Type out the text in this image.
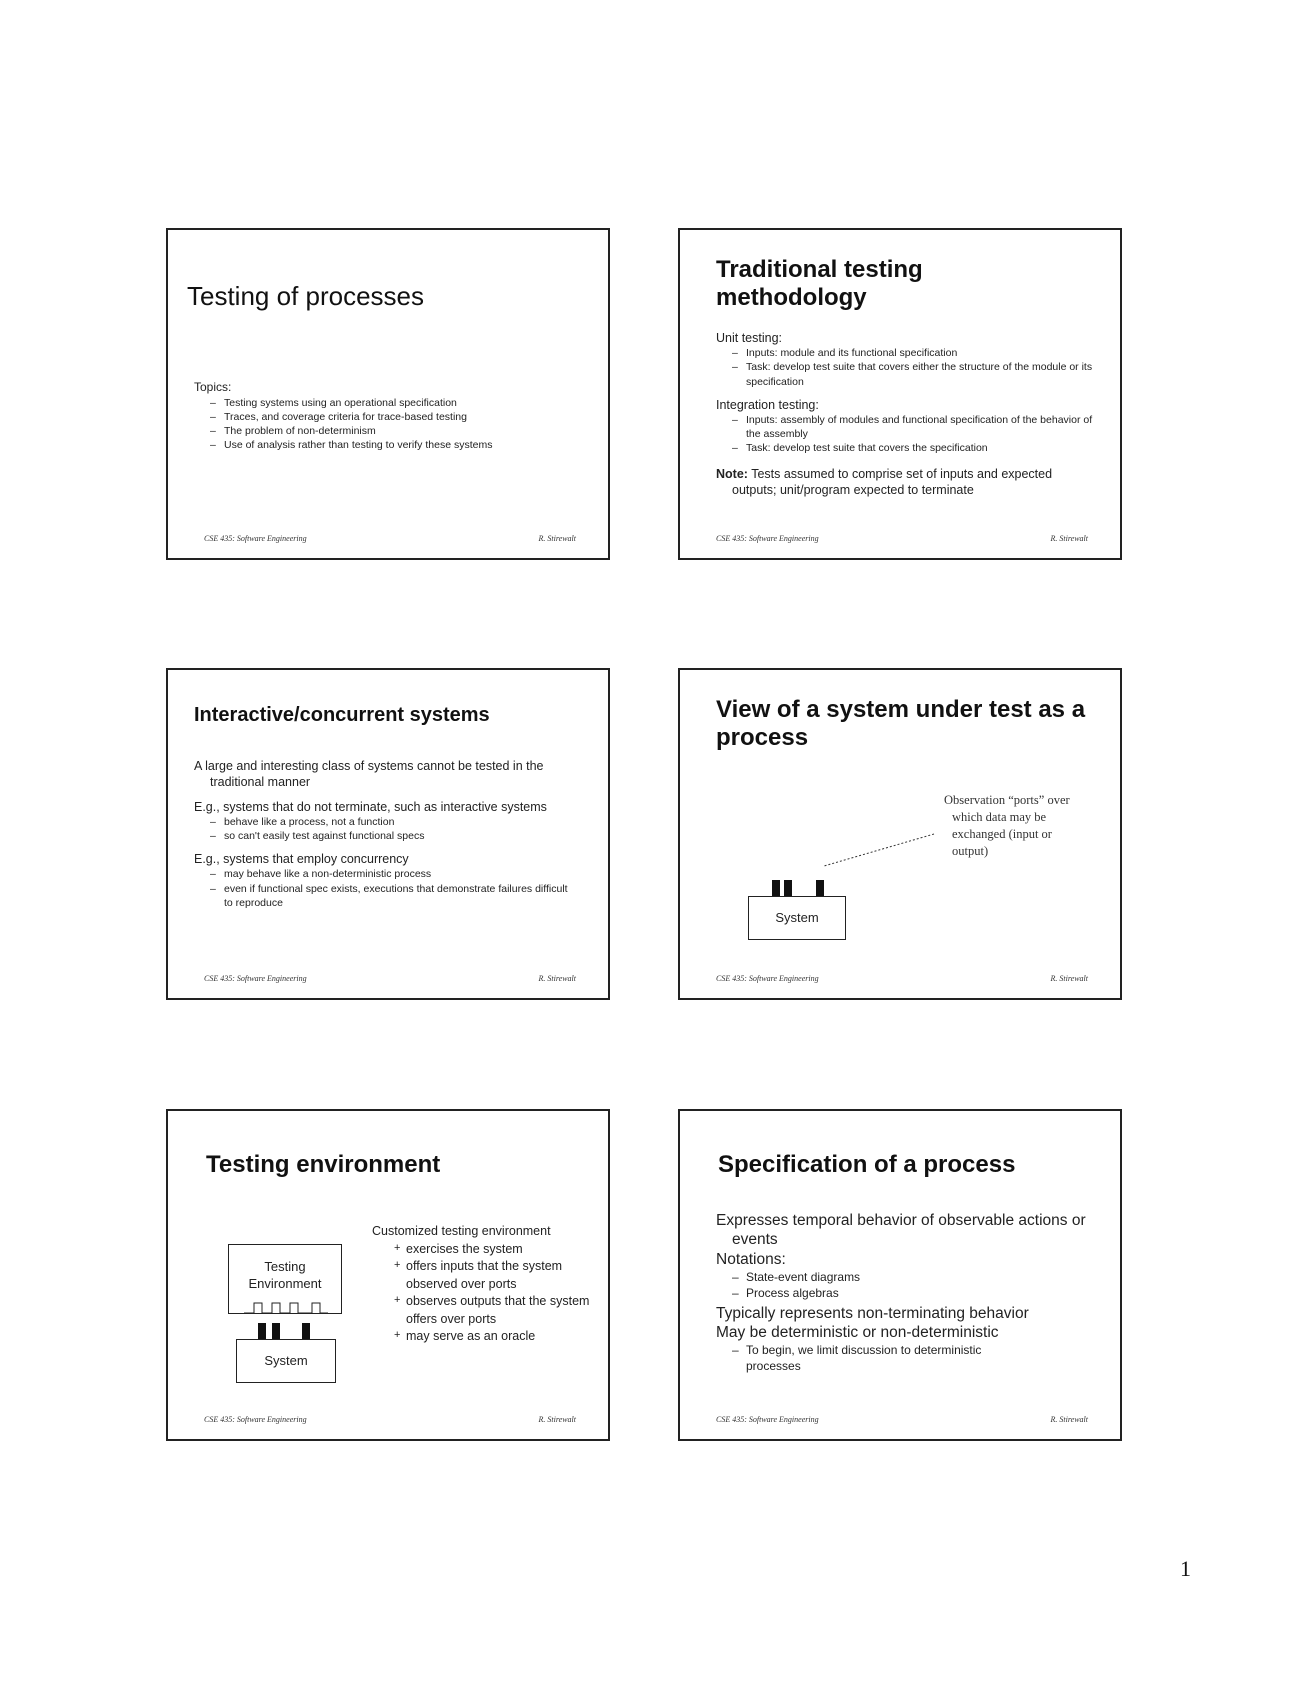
Testing of processes

Topics:

– Testing systems using an operational specification

– Traces, and coverage criteria for trace-based testing

– The problem of non-determinism

– Use of analysis rather than testing to verify these systems

CSE 435: Software Engineering	R. Stirewalt
Traditional testing methodology

Unit testing:

– Inputs: module and its functional specification

– Task: develop test suite that covers either the structure of the module or its specification

Integration testing:

– Inputs: assembly of modules and functional specification of the behavior of the assembly

– Task: develop test suite that covers the specification

Note: Tests assumed to comprise set of inputs and expected outputs; unit/program expected to terminate

CSE 435: Software Engineering	R. Stirewalt
Interactive/concurrent systems

A large and interesting class of systems cannot be tested in the traditional manner

E.g., systems that do not terminate, such as interactive systems

– behave like a process, not a function

– so can't easily test against functional specs

E.g., systems that employ concurrency

– may behave like a non-deterministic process

– even if functional spec exists, executions that demonstrate failures difficult to reproduce

CSE 435: Software Engineering	R. Stirewalt
View of a system under test as a process
Observation “ports” over which data may be exchanged (input or output)
System
CSE 435: Software Engineering	R. Stirewalt
Testing environment
Testing Environment
System

Customized testing environment

+ exercises the system

+ offers inputs that the system observed over ports

+ observes outputs that the system offers over ports

+ may serve as an oracle

CSE 435: Software Engineering	R. Stirewalt
Specification of a process

Expresses temporal behavior of observable actions or events

Notations:

– State-event diagrams

– Process algebras

Typically represents non-terminating behavior

May be deterministic or non-deterministic

– To begin, we limit discussion to deterministic processes

CSE 435: Software Engineering	R. Stirewalt
1
